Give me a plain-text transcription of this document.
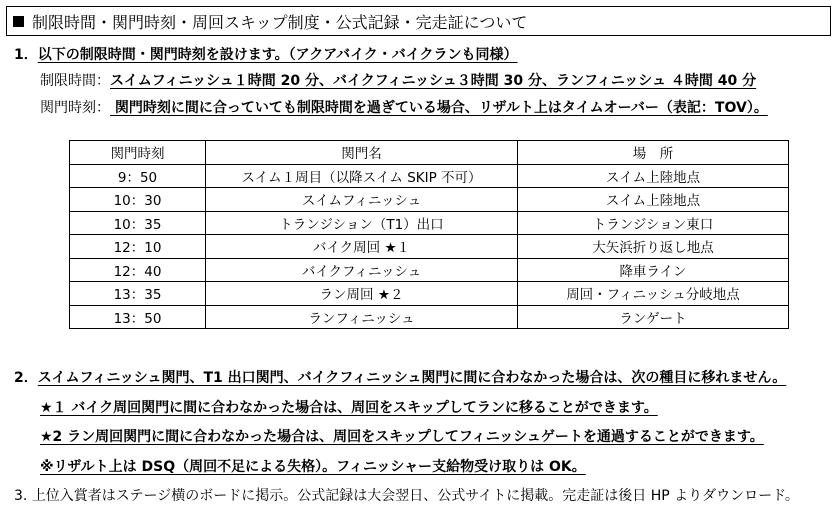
制限時間・関門時刻・周回スキップ制度・公式記録・完走証について
1．以下の制限時間・関門時刻を設けます。（アクアバイク・バイクランも同様）
制限時間：スイムフィニッシュ１時間 20 分、バイクフィニッシュ３時間 30 分、ランフィニッシュ ４時間 40 分
関門時刻： 関門時刻に間に合っていても制限時間を過ぎている場合、リザルト上はタイムオーバー（表記：TOV）。
関門時刻	関門名	場　所
9：50	スイム１周目（以降スイム SKIP 不可）	スイム上陸地点
10：30	スイムフィニッシュ	スイム上陸地点
10：35	トランジション（T1）出口	トランジション東口
12：10	バイク周回 ★１	大矢浜折り返し地点
12：40	バイクフィニッシュ	降車ライン
13：35	ラン周回 ★２	周回・フィニッシュ分岐地点
13：50	ランフィニッシュ	ランゲート
2．スイムフィニッシュ関門、T1 出口関門、バイクフィニッシュ関門に間に合わなかった場合は、次の種目に移れません。
★１ バイク周回関門に間に合わなかった場合は、周回をスキップしてランに移ることができます。
★2 ラン周回関門に間に合わなかった場合は、周回をスキップしてフィニッシュゲートを通過することができます。
※リザルト上は DSQ（周回不足による失格）。フィニッシャー支給物受け取りは OK。
3. 上位入賞者はステージ横のボードに掲示。公式記録は大会翌日、公式サイトに掲載。完走証は後日 HP よりダウンロード。
